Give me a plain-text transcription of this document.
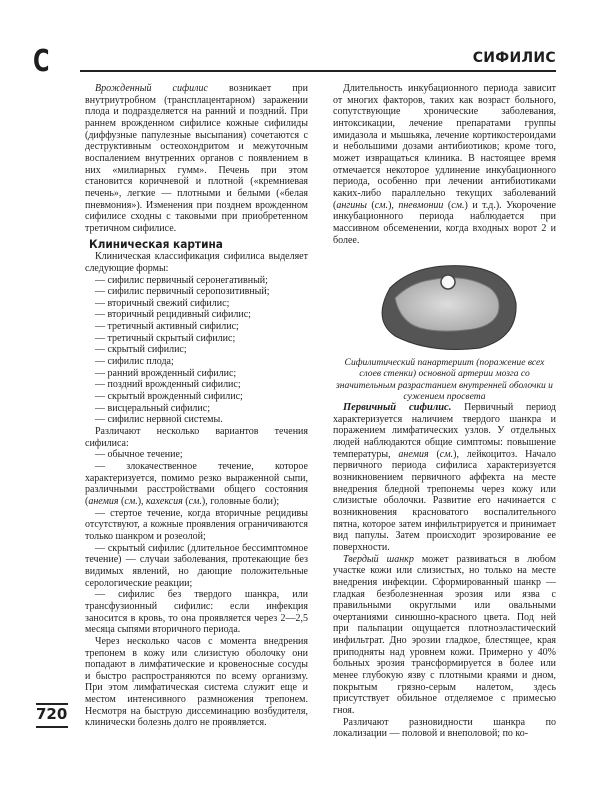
С	СИФИЛИС

Врожденный сифилис возникает при внутриутробном (трансплацентарном) заражении плода и подразделяется на ранний и поздний. При раннем врожденном сифилисе кожные сифилиды (диффузные папулезные высыпания) сочетаются с деструктивным остеохондритом и межуточным воспалением внутренних органов с появлением в них «милиарных гумм». Печень при этом становится коричневой и плотной («кремниевая печень», легкие — плотными и белыми («белая пневмония»). Изменения при позднем врожденном сифилисе сходны с таковыми при приобретенном третичном сифилисе.

Клиническая картина

Клиническая классификация сифилиса выделяет следующие формы:

— сифилис первичный серонегативный;

— сифилис первичный серопозитивный;

— вторичный свежий сифилис;

— вторичный рецидивный сифилис;

— третичный активный сифилис;

— третичный скрытый сифилис;

— скрытый сифилис;

— сифилис плода;

— ранний врожденный сифилис;

— поздний врожденный сифилис;

— скрытый врожденный сифилис;

— висцеральный сифилис;

— сифилис нервной системы.

Различают несколько вариантов течения сифилиса:

— обычное течение;

— злокачественное течение, которое характеризуется, помимо резко выраженной сыпи, различными расстройствами общего состояния (анемия (см.), кахексия (см.), головные боли);

— стертое течение, когда вторичные рецидивы отсутствуют, а кожные проявления ограничиваются только шанкром и розеолой;

— скрытый сифилис (длительное бессимптомное течение) — случаи заболевания, протекающие без видимых явлений, но дающие положительные серологические реакции;

— сифилис без твердого шанкра, или трансфузионный сифилис: если инфекция заносится в кровь, то она проявляется через 2—2,5 месяца сыпями вторичного периода.

Через несколько часов с момента внедрения трепонем в кожу или слизистую оболочку они попадают в лимфатические и кровеносные сосуды и быстро распространяются по всему организму. При этом лимфатическая система служит еще и местом интенсивного размножения трепонем. Несмотря на быструю диссеминацию возбудителя, клинически болезнь долго не проявляется.

Длительность инкубационного периода зависит от многих факторов, таких как возраст больного, сопутствующие хронические заболевания, интоксикации, лечение препаратами группы имидазола и мышьяка, лечение кортикостероидами и небольшими дозами антибиотиков; кроме того, может извращаться клиника. В настоящее время отмечается некоторое удлинение инкубационного периода, особенно при лечении антибиотиками каких-либо параллельно текущих заболеваний (ангины (см.), пневмонии (см.) и т.д.). Укорочение инкубационного периода наблюдается при массивном обсеменении, когда входных ворот 2 и более.

Сифилитический панартериит (поражение всех слоев стенки) основной артерии мозга со значительным разрастанием внутренней оболочки и сужением просвета

Первичный сифилис. Первичный период характеризуется наличием твердого шанкра и поражением лимфатических узлов. У отдельных людей наблюдаются общие симптомы: повышение температуры, анемия (см.), лейкоцитоз. Начало первичного периода сифилиса характеризуется возникновением первичного аффекта на месте внедрения бледной трепонемы через кожу или слизистые оболочки. Развитие его начинается с возникновения красноватого воспалительного пятна, которое затем инфильтрируется и принимает вид папулы. Затем происходит эрозирование ее поверхности.

Твердый шанкр может развиваться в любом участке кожи или слизистых, но только на месте внедрения инфекции. Сформированный шанкр — гладкая безболезненная эрозия или язва с правильными округлыми или овальными очертаниями синюшно-красного цвета. Под ней при пальпации ощущается плотноэластический инфильтрат. Дно эрозии гладкое, блестящее, края приподняты над уровнем кожи. Примерно у 40% больных эрозия трансформируется в более или менее глубокую язву с плотными краями и дном, покрытым грязно-серым налетом, здесь присутствует обильное отделяемое с примесью гноя.

Различают разновидности шанкра по локализации — половой и внеполовой; по ко-

720
